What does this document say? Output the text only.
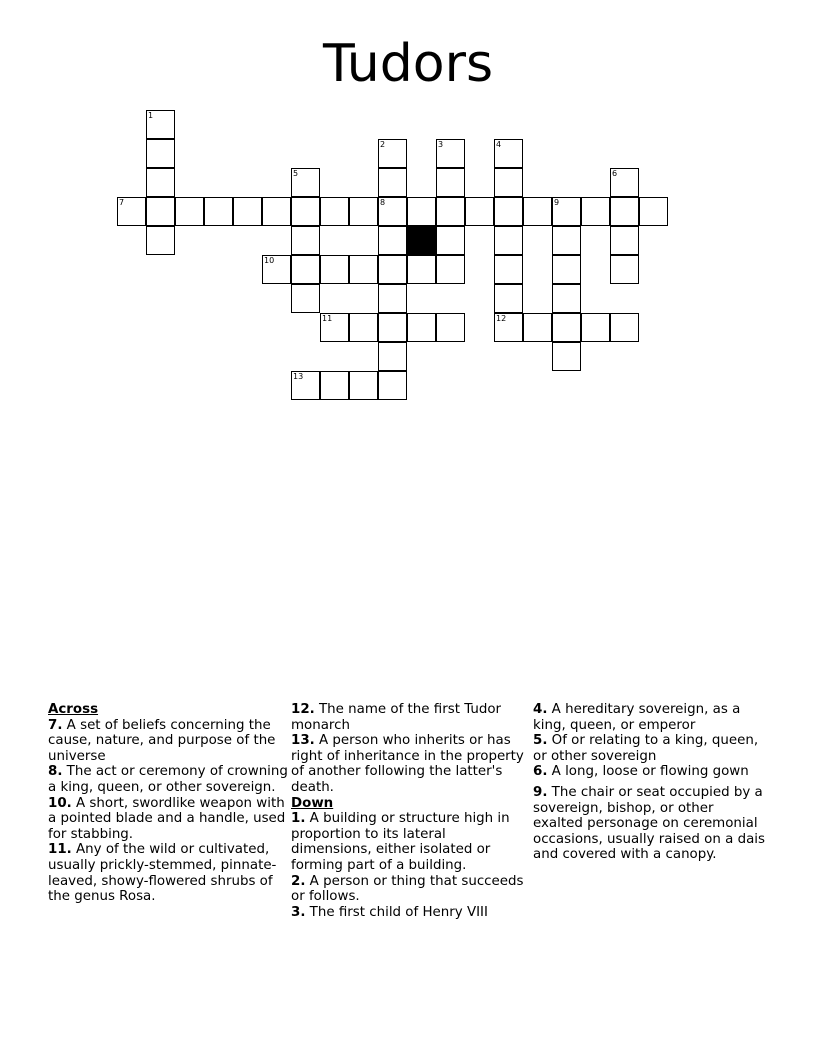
Tudors
1
2
8
3	4
12
5	6
9
7
10
11
13
Across

7. A set of beliefs concerning the cause, nature, and purpose of the universe

8. The act or ceremony of crowning a king, queen, or other sovereign.

10. A short, swordlike weapon with a pointed blade and a handle, used for stabbing.

11. Any of the wild or cultivated, usually prickly-stemmed, pinnate-leaved, showy-flowered shrubs of the genus Rosa.

12. The name of the first Tudor monarch

13. A person who inherits or has right of inheritance in the property of another following the latter's death.

Down

1. A building or structure high in proportion to its lateral dimensions, either isolated or forming part of a building.

2. A person or thing that succeeds or follows.

3. The first child of Henry VIII

4. A hereditary sovereign, as a king, queen, or emperor

5. Of or relating to a king, queen, or other sovereign

6. A long, loose or flowing gown

9. The chair or seat occupied by a sovereign, bishop, or other exalted personage on ceremonial occasions, usually raised on a dais and covered with a canopy.
